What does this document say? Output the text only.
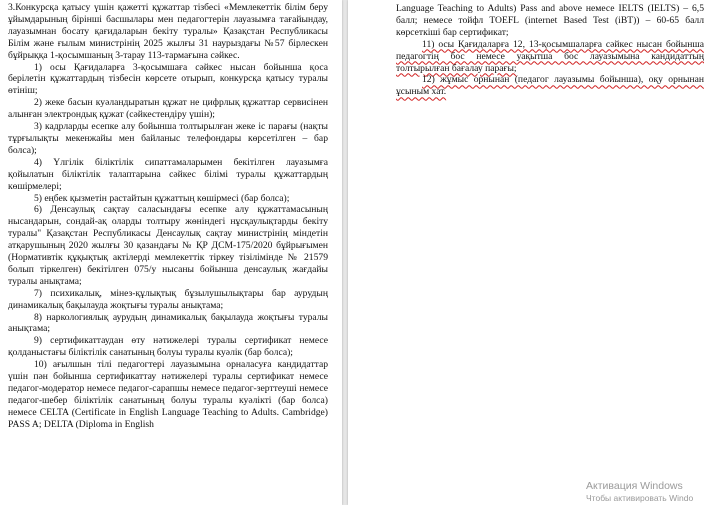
3.Конкурсқа қатысу үшін қажетті құжаттар тізбесі «Мемлекеттік білім беру ұйымдарының бірінші басшылары мен педагогтерін лауазымға тағайындау, лауазымнан босату қағидаларын бекіту туралы» Қазақстан Республикасы Білім және ғылым министрінің 2025 жылғы 31 наурыздағы №57 бірлескен бұйрыққа 1-қосымшаның 3-тарау 113-тармағына сәйкес.

1) осы Қағидаларға 3-қосымшаға сәйкес нысан бойынша қоса берілетін құжаттардың тізбесін көрсете отырып, конкурсқа қатысу туралы өтініш;

2) жеке басын куәландыратын құжат не цифрлық құжаттар сервисінен алынған электрондық құжат (сәйкестендіру үшін);

3) кадрларды есепке алу бойынша толтырылған жеке іс парағы (нақты тұрғылықты мекенжайы мен байланыс телефондары көрсетілген – бар болса);

4) Үлгілік біліктілік сипаттамаларымен бекітілген лауазымға қойылатын біліктілік талаптарына сәйкес білімі туралы құжаттардың көшірмелері;

5) еңбек қызметін растайтын құжаттың көшірмесі (бар болса);

6) Денсаулық сақтау саласындағы есепке алу құжаттамасының нысандарын, сондай-ақ оларды толтыру жөніндегі нұсқаулықтарды бекіту туралы" Қазақстан Республикасы Денсаулық сақтау министрінің міндетін атқарушының 2020 жылғы 30 қазандағы № ҚР ДСМ-175/2020 бұйрығымен (Нормативтік құқықтық актілерді мемлекеттік тіркеу тізілімінде № 21579 болып тіркелген) бекітілген 075/у нысаны бойынша денсаулық жағдайы туралы анықтама;

7) психикалық, мінез-құлықтық бұзылушылықтары бар аурудың динамикалық бақылауда жоқтығы туралы анықтама;

8) наркологиялық аурудың динамикалық бақылауда жоқтығы туралы анықтама;

9) сертификаттаудан өту нәтижелері туралы сертификат немесе қолданыстағы біліктілік санатының болуы туралы куәлік (бар болса);

10) ағылшын тілі педагогтері лауазымына орналасуға кандидаттар үшін пән бойынша сертификаттау нәтижелері туралы сертификат немесе педагог-модератор немесе педагог-сарапшы немесе педагог-зерттеуші немесе педагог-шебер біліктілік санатының болуы туралы куәлікті (бар болса) немесе CELTA (Certificate in English Language Teaching to Adults. Cambridge) PASS A; DELTA (Diploma in English

Language Teaching to Adults) Pass and above немесе IELTS (IELTS) – 6,5 балл; немесе тойфл TOEFL (internet Based Test (iBT)) – 60-65 балл көрсеткіші бар сертификат;

11) осы Қағидаларға 12, 13-қосымшаларға сәйкес нысан бойынша педагогтің бос немесе уақытша бос лауазымына кандидаттың толтырылған бағалау парағы;

12) жұмыс орнынан (педагог лауазымы бойынша), оқу орнынан ұсыным хат.

Активация Windows
Чтобы активировать Windo
